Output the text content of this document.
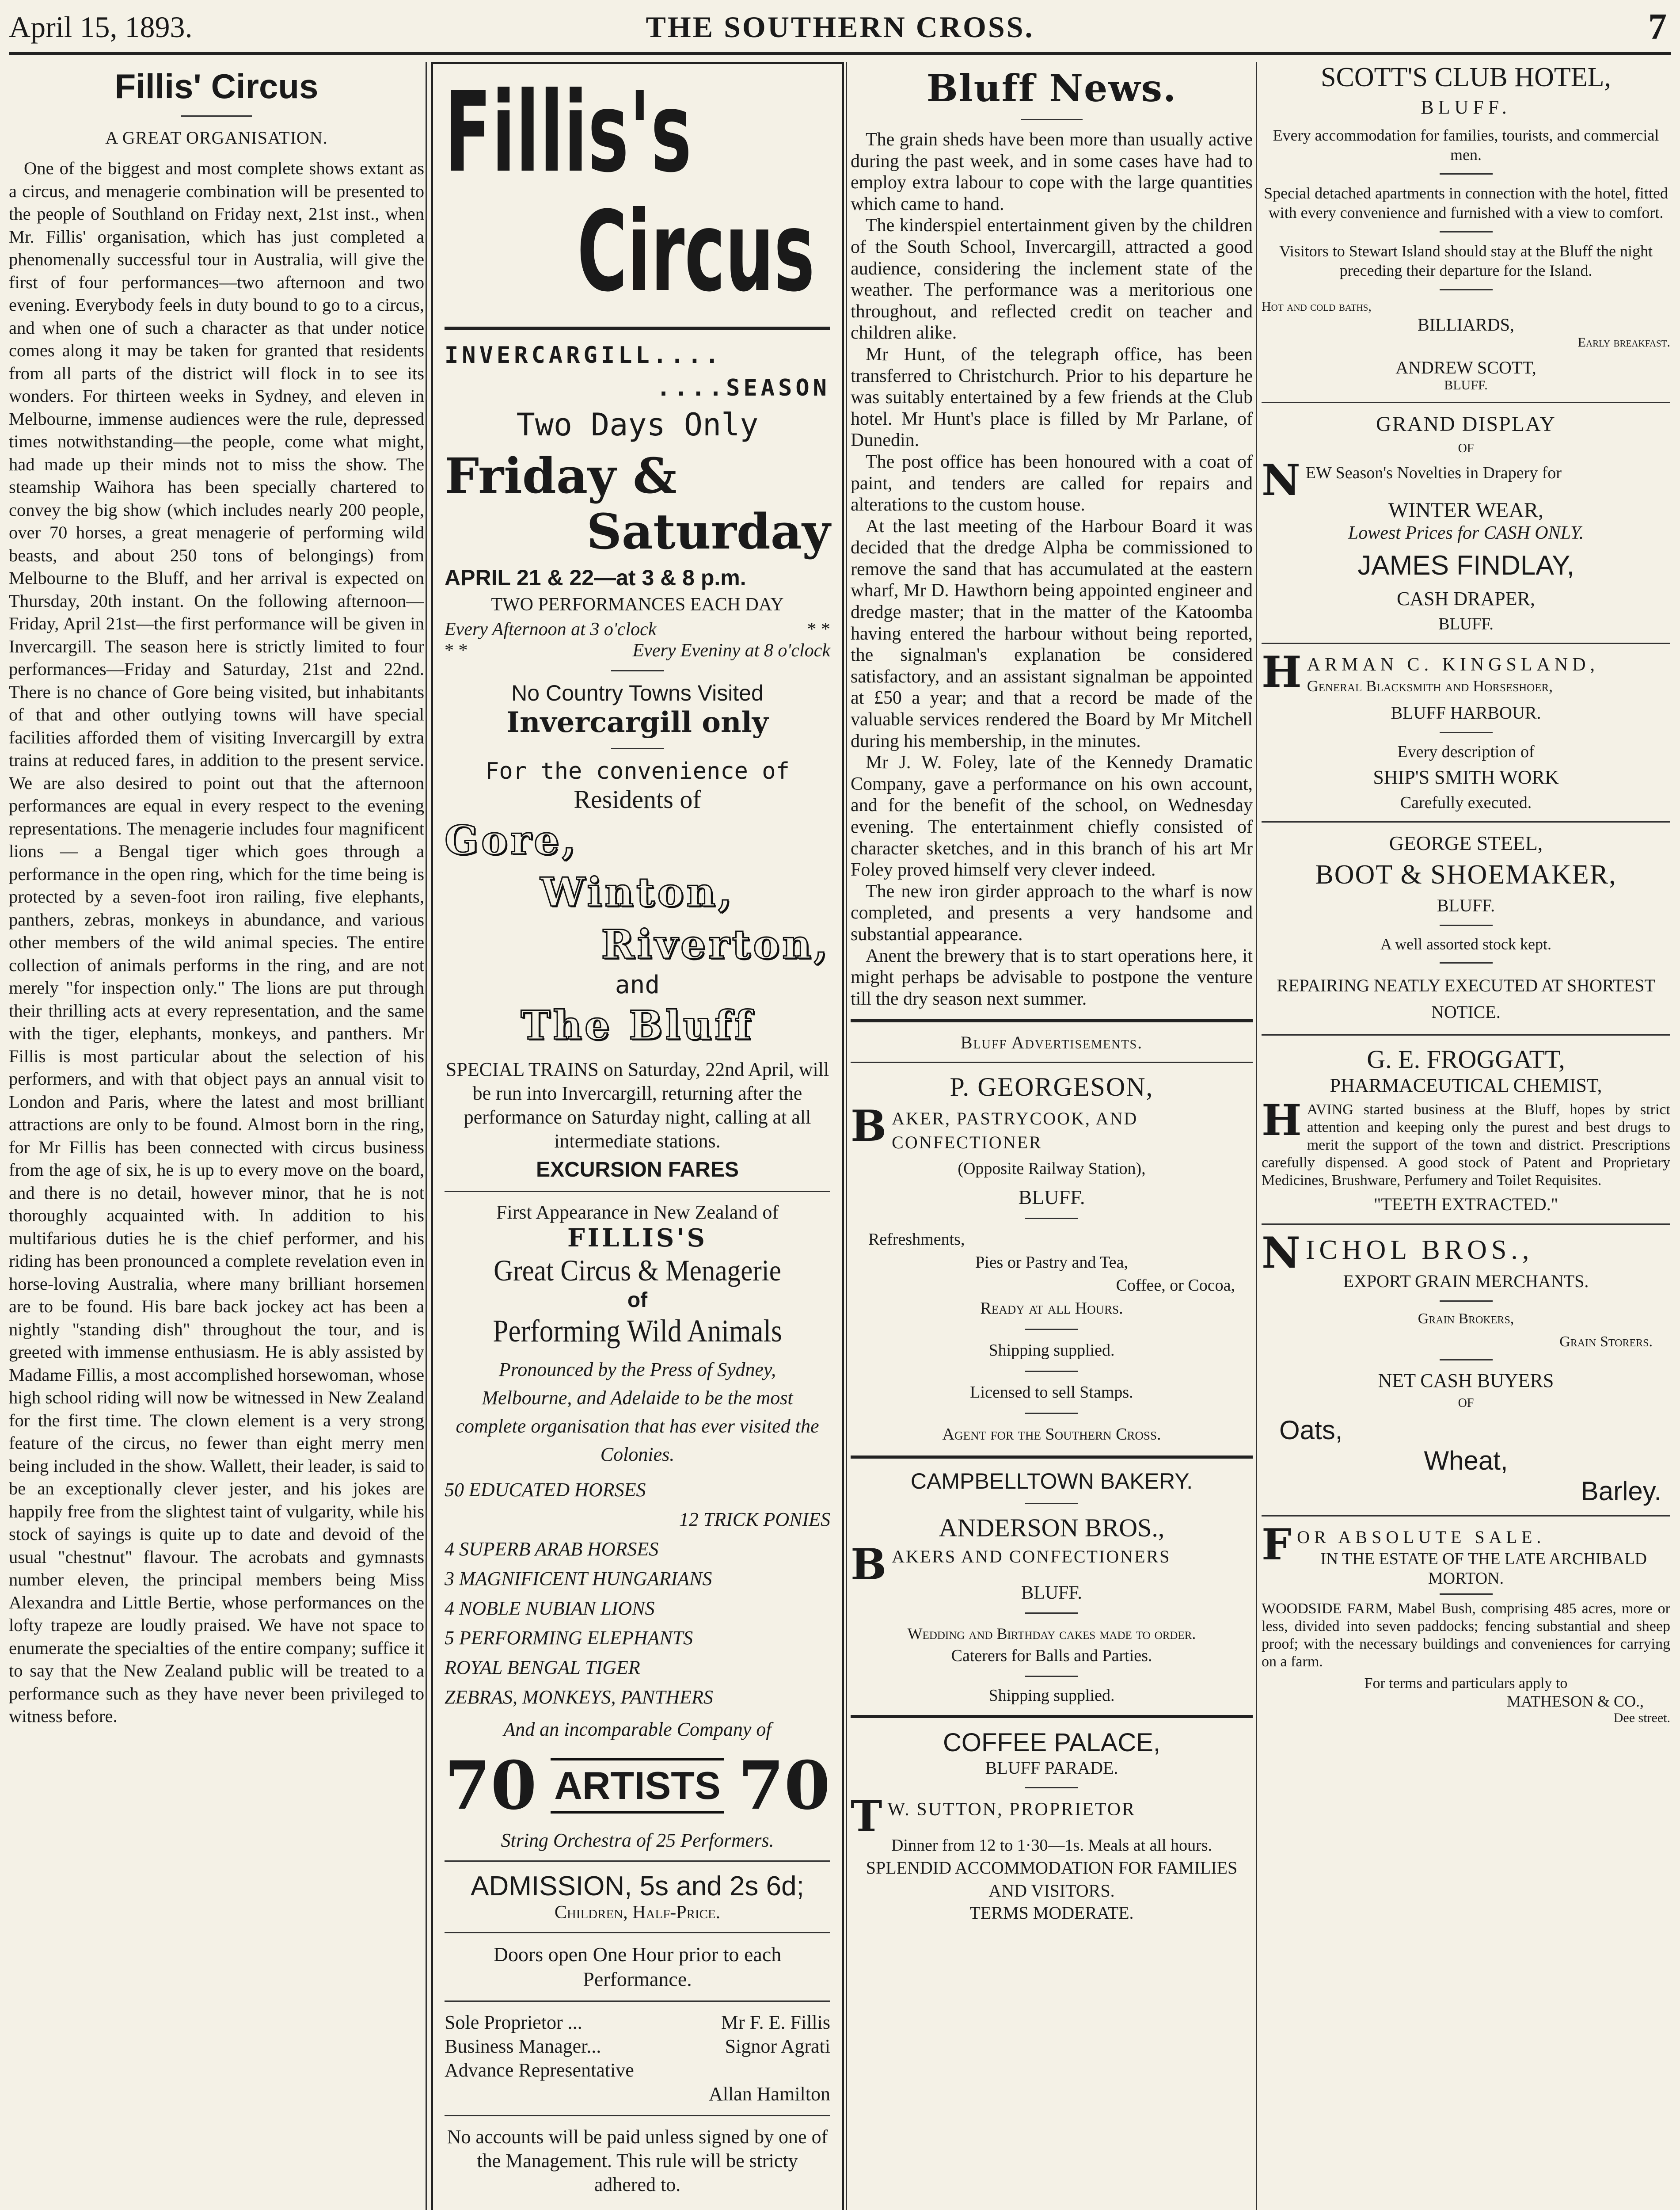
April 15, 1893.	THE SOUTHERN CROSS.	7
Fillis' Circus
A GREAT ORGANISATION.

One of the biggest and most complete shows extant as a circus, and menagerie combination will be presented to the people of Southland on Friday next, 21st inst., when Mr. Fillis' organisation, which has just completed a phenomenally successful tour in Australia, will give the first of four performances—two afternoon and two evening. Everybody feels in duty bound to go to a circus, and when one of such a character as that under notice comes along it may be taken for granted that residents from all parts of the district will flock in to see its wonders. For thirteen weeks in Sydney, and eleven in Melbourne, immense audiences were the rule, depressed times notwithstanding—the people, come what might, had made up their minds not to miss the show. The steamship Waihora has been specially chartered to convey the big show (which includes nearly 200 people, over 70 horses, a great menagerie of performing wild beasts, and about 250 tons of belongings) from Melbourne to the Bluff, and her arrival is expected on Thursday, 20th instant. On the following afternoon—Friday, April 21st—the first performance will be given in Invercargill. The season here is strictly limited to four performances—Friday and Saturday, 21st and 22nd. There is no chance of Gore being visited, but inhabitants of that and other outlying towns will have special facilities afforded them of visiting Invercargill by extra trains at reduced fares, in addition to the present service. We are also desired to point out that the afternoon performances are equal in every respect to the evening representations. The menagerie includes four magnificent lions — a Bengal tiger which goes through a performance in the open ring, which for the time being is protected by a seven-foot iron railing, five elephants, panthers, zebras, monkeys in abundance, and various other members of the wild animal species. The entire collection of animals performs in the ring, and are not merely "for inspection only." The lions are put through their thrilling acts at every representation, and the same with the tiger, elephants, monkeys, and panthers. Mr Fillis is most particular about the selection of his performers, and with that object pays an annual visit to London and Paris, where the latest and most brilliant attractions are only to be found. Almost born in the ring, for Mr Fillis has been connected with circus business from the age of six, he is up to every move on the board, and there is no detail, however minor, that he is not thoroughly acquainted with. In addition to his multifarious duties he is the chief performer, and his riding has been pronounced a complete revelation even in horse-loving Australia, where many brilliant horsemen are to be found. His bare back jockey act has been a nightly "standing dish" throughout the tour, and is greeted with immense enthusiasm. He is ably assisted by Madame Fillis, a most accomplished horsewoman, whose high school riding will now be witnessed in New Zealand for the first time. The clown element is a very strong feature of the circus, no fewer than eight merry men being included in the show. Wallett, their leader, is said to be an exceptionally clever jester, and his jokes are happily free from the slightest taint of vulgarity, while his stock of sayings is quite up to date and devoid of the usual "chestnut" flavour. The acrobats and gymnasts number eleven, the principal members being Miss Alexandra and Little Bertie, whose performances on the lofty trapeze are loudly praised. We have not space to enumerate the specialties of the entire company; suffice it to say that the New Zealand public will be treated to a performance such as they have never been privileged to witness before.

Fillis's
Circus
INVERCARGILL....
....SEASON
Two Days Only
Friday &
Saturday
APRIL 21 & 22—at 3 & 8 p.m.
TWO PERFORMANCES EACH DAY
Every Afternoon at 3 o'clock	* *
* *	Every Eveniny at 8 o'clock
No Country Towns Visited
Invercargill only
For the convenience of
Residents of
Gore,
Winton,
Riverton,
and
The Bluff
SPECIAL TRAINS on Saturday, 22nd April, will be run into Invercargill, returning after the performance on Saturday night, calling at all intermediate stations.
EXCURSION FARES
First Appearance in New Zealand of
FILLIS'S
Great Circus & Menagerie
of
Performing Wild Animals
Pronounced by the Press of Sydney, Melbourne, and Adelaide to be the most complete organisation that has ever visited the Colonies.
50 EDUCATED HORSES
12 TRICK PONIES
4 SUPERB ARAB HORSES
3 MAGNIFICENT HUNGARIANS
4 NOBLE NUBIAN LIONS
5 PERFORMING ELEPHANTS
ROYAL BENGAL TIGER
ZEBRAS, MONKEYS, PANTHERS
And an incomparable Company of
70 ARTISTS 70
String Orchestra of 25 Performers.
ADMISSION, 5s and 2s 6d;
Children, Half-Price.
Doors open One Hour prior to each Performance.
Sole Proprietor ...	Mr F. E. Fillis
Business Manager...	Signor Agrati
Advance Representative
Allan Hamilton
No accounts will be paid unless signed by one of the Management. This rule will be stricty adhered to.
Bluff News.

The grain sheds have been more than usually active during the past week, and in some cases have had to employ extra labour to cope with the large quantities which came to hand.

The kinderspiel entertainment given by the children of the South School, Invercargill, attracted a good audience, considering the inclement state of the weather. The performance was a meritorious one throughout, and reflected credit on teacher and children alike.

Mr Hunt, of the telegraph office, has been transferred to Christchurch. Prior to his departure he was suitably entertained by a few friends at the Club hotel. Mr Hunt's place is filled by Mr Parlane, of Dunedin.

The post office has been honoured with a coat of paint, and tenders are called for repairs and alterations to the custom house.

At the last meeting of the Harbour Board it was decided that the dredge Alpha be commissioned to remove the sand that has accumulated at the eastern wharf, Mr D. Hawthorn being appointed engineer and dredge master; that in the matter of the Katoomba having entered the harbour without being reported, the signalman's explanation be considered satisfactory, and an assistant signalman be appointed at £50 a year; and that a record be made of the valuable services rendered the Board by Mr Mitchell during his membership, in the minutes.

Mr J. W. Foley, late of the Kennedy Dramatic Company, gave a performance on his own account, and for the benefit of the school, on Wednesday evening. The entertainment chiefly consisted of character sketches, and in this branch of his art Mr Foley proved himself very clever indeed.

The new iron girder approach to the wharf is now completed, and presents a very handsome and substantial appearance.

Anent the brewery that is to start operations here, it might perhaps be advisable to postpone the venture till the dry season next summer.

Bluff Advertisements.
P. GEORGESON,
B AKER, PASTRYCOOK, AND CONFECTIONER
(Opposite Railway Station),
BLUFF.
Refreshments,
Pies or Pastry and Tea,
Coffee, or Cocoa,
Ready at all Hours.
Shipping supplied.
Licensed to sell Stamps.
Agent for the Southern Cross.
CAMPBELLTOWN BAKERY.
ANDERSON BROS.,
B AKERS AND CONFECTIONERS
BLUFF.
Wedding and Birthday cakes made to order.
Caterers for Balls and Parties.
Shipping supplied.
COFFEE PALACE,
BLUFF PARADE.
T W. SUTTON, PROPRIETOR
Dinner from 12 to 1·30—1s. Meals at all hours.
SPLENDID ACCOMMODATION FOR FAMILIES AND VISITORS.
TERMS MODERATE.
SCOTT'S CLUB HOTEL,
BLUFF.
Every accommodation for families, tourists, and commercial men.
Special detached apartments in connection with the hotel, fitted with every convenience and furnished with a view to comfort.
Visitors to Stewart Island should stay at the Bluff the night preceding their departure for the Island.
Hot and cold baths,
BILLIARDS,
Early breakfast.
ANDREW SCOTT,
BLUFF.
GRAND DISPLAY
OF
N EW Season's Novelties in Drapery for
WINTER WEAR,
Lowest Prices for CASH ONLY.
JAMES FINDLAY,
CASH DRAPER,
BLUFF.
H ARMAN C. KINGSLAND,
General Blacksmith and Horseshoer,
BLUFF HARBOUR.
Every description of
SHIP'S SMITH WORK
Carefully executed.
GEORGE STEEL,
BOOT & SHOEMAKER,
BLUFF.
A well assorted stock kept.
REPAIRING NEATLY EXECUTED AT SHORTEST NOTICE.
G. E. FROGGATT,
PHARMACEUTICAL CHEMIST,
H AVING started business at the Bluff, hopes by strict attention and keeping only the purest and best drugs to merit the support of the town and district. Prescriptions carefully dispensed. A good stock of Patent and Proprietary Medicines, Brushware, Perfumery and Toilet Requisites.
"TEETH EXTRACTED."
N ICHOL BROS.,
EXPORT GRAIN MERCHANTS.
Grain Brokers,
Grain Storers.
NET CASH BUYERS
OF
Oats,
Wheat,
Barley.
F OR ABSOLUTE SALE.
IN THE ESTATE OF THE LATE ARCHIBALD MORTON.
WOODSIDE FARM, Mabel Bush, comprising 485 acres, more or less, divided into seven paddocks; fencing substantial and sheep proof; with the necessary buildings and conveniences for carrying on a farm.
For terms and particulars apply to
MATHESON & CO.,
Dee street.
